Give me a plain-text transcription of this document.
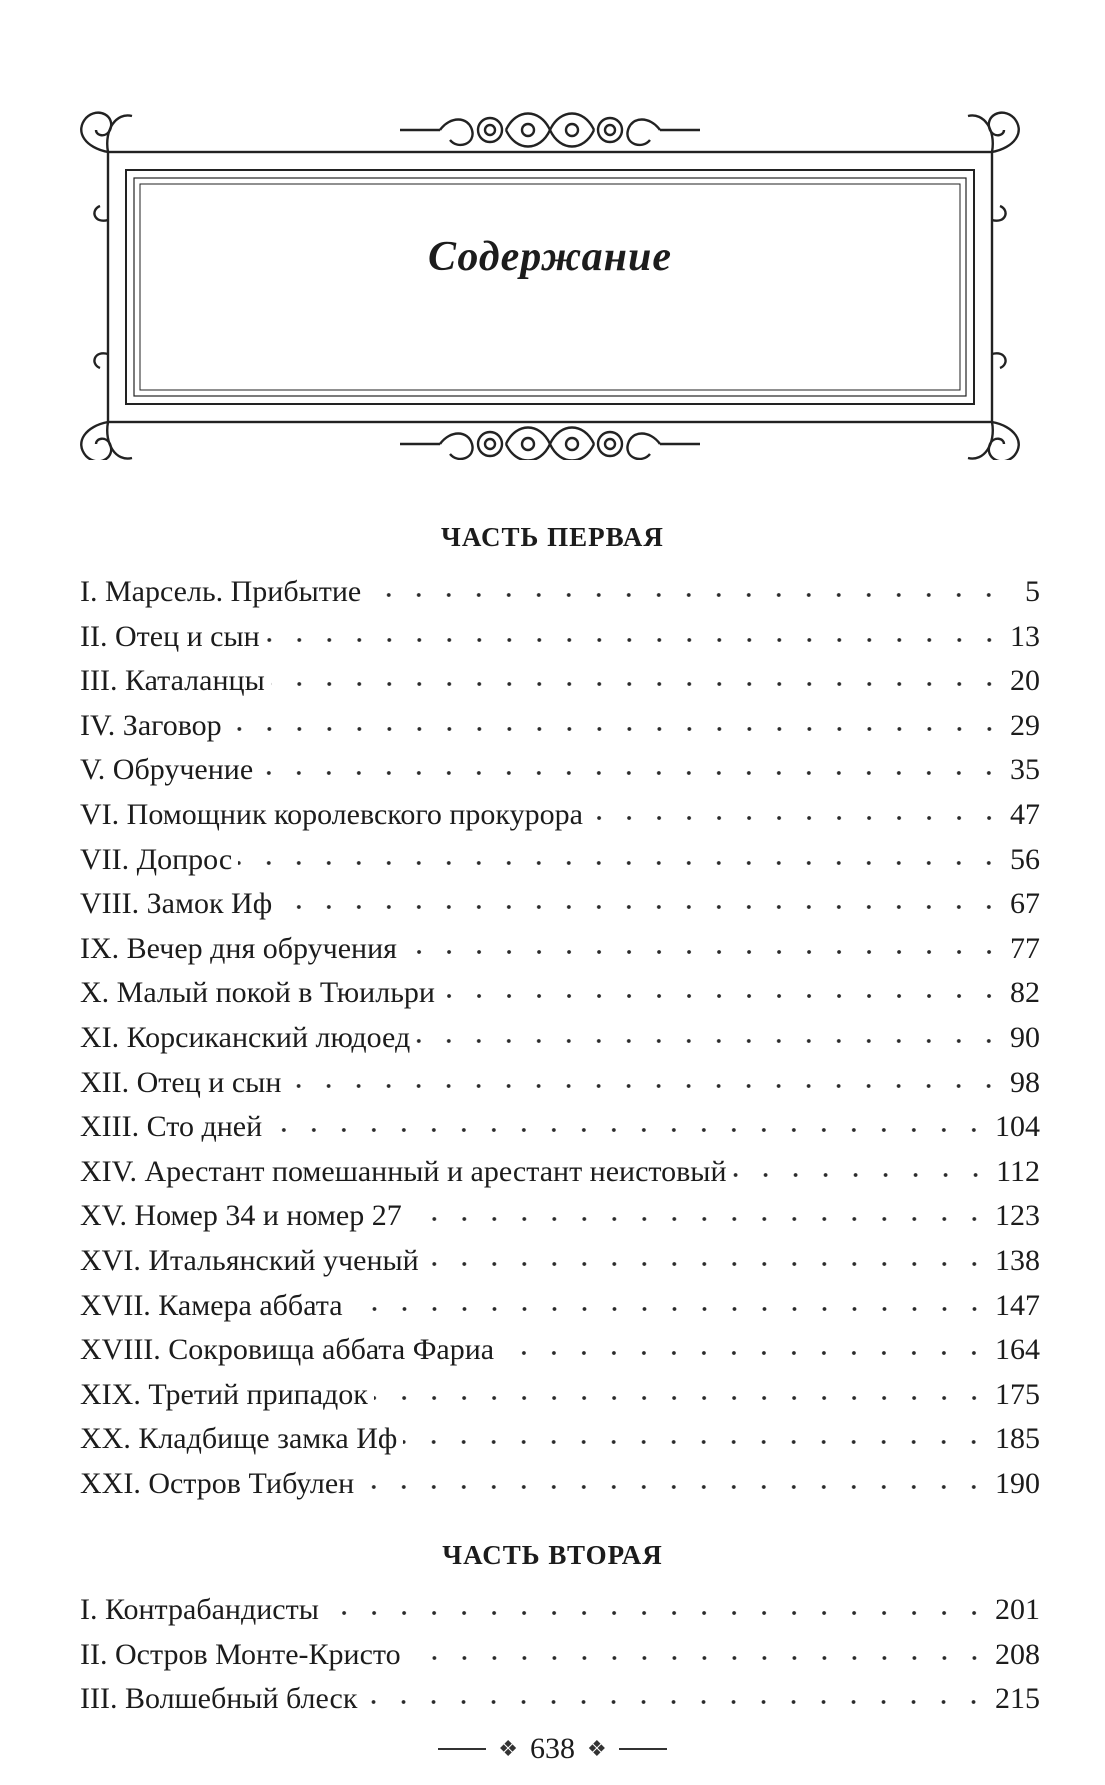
Содержание
ЧАСТЬ ПЕРВАЯ
I. Марсель. Прибытие	5
II. Отец и сын	13
III. Каталанцы	20
IV. Заговор	29
V. Обручение	35
VI. Помощник королевского прокурора	47
VII. Допрос	56
VIII. Замок Иф	67
IX. Вечер дня обручения	77
X. Малый покой в Тюильри	82
XI. Корсиканский людоед	90
XII. Отец и сын	98
XIII. Сто дней	104
XIV. Арестант помешанный и арестант неистовый	112
XV. Номер 34 и номер 27	123
XVI. Итальянский ученый	138
XVII. Камера аббата	147
XVIII. Сокровища аббата Фариа	164
XIX. Третий припадок	175
XX. Кладбище замка Иф	185
XXI. Остров Тибулен	190
ЧАСТЬ ВТОРАЯ
I. Контрабандисты	201
II. Остров Монте-Кристо	208
III. Волшебный блеск	215
❖ 638 ❖
